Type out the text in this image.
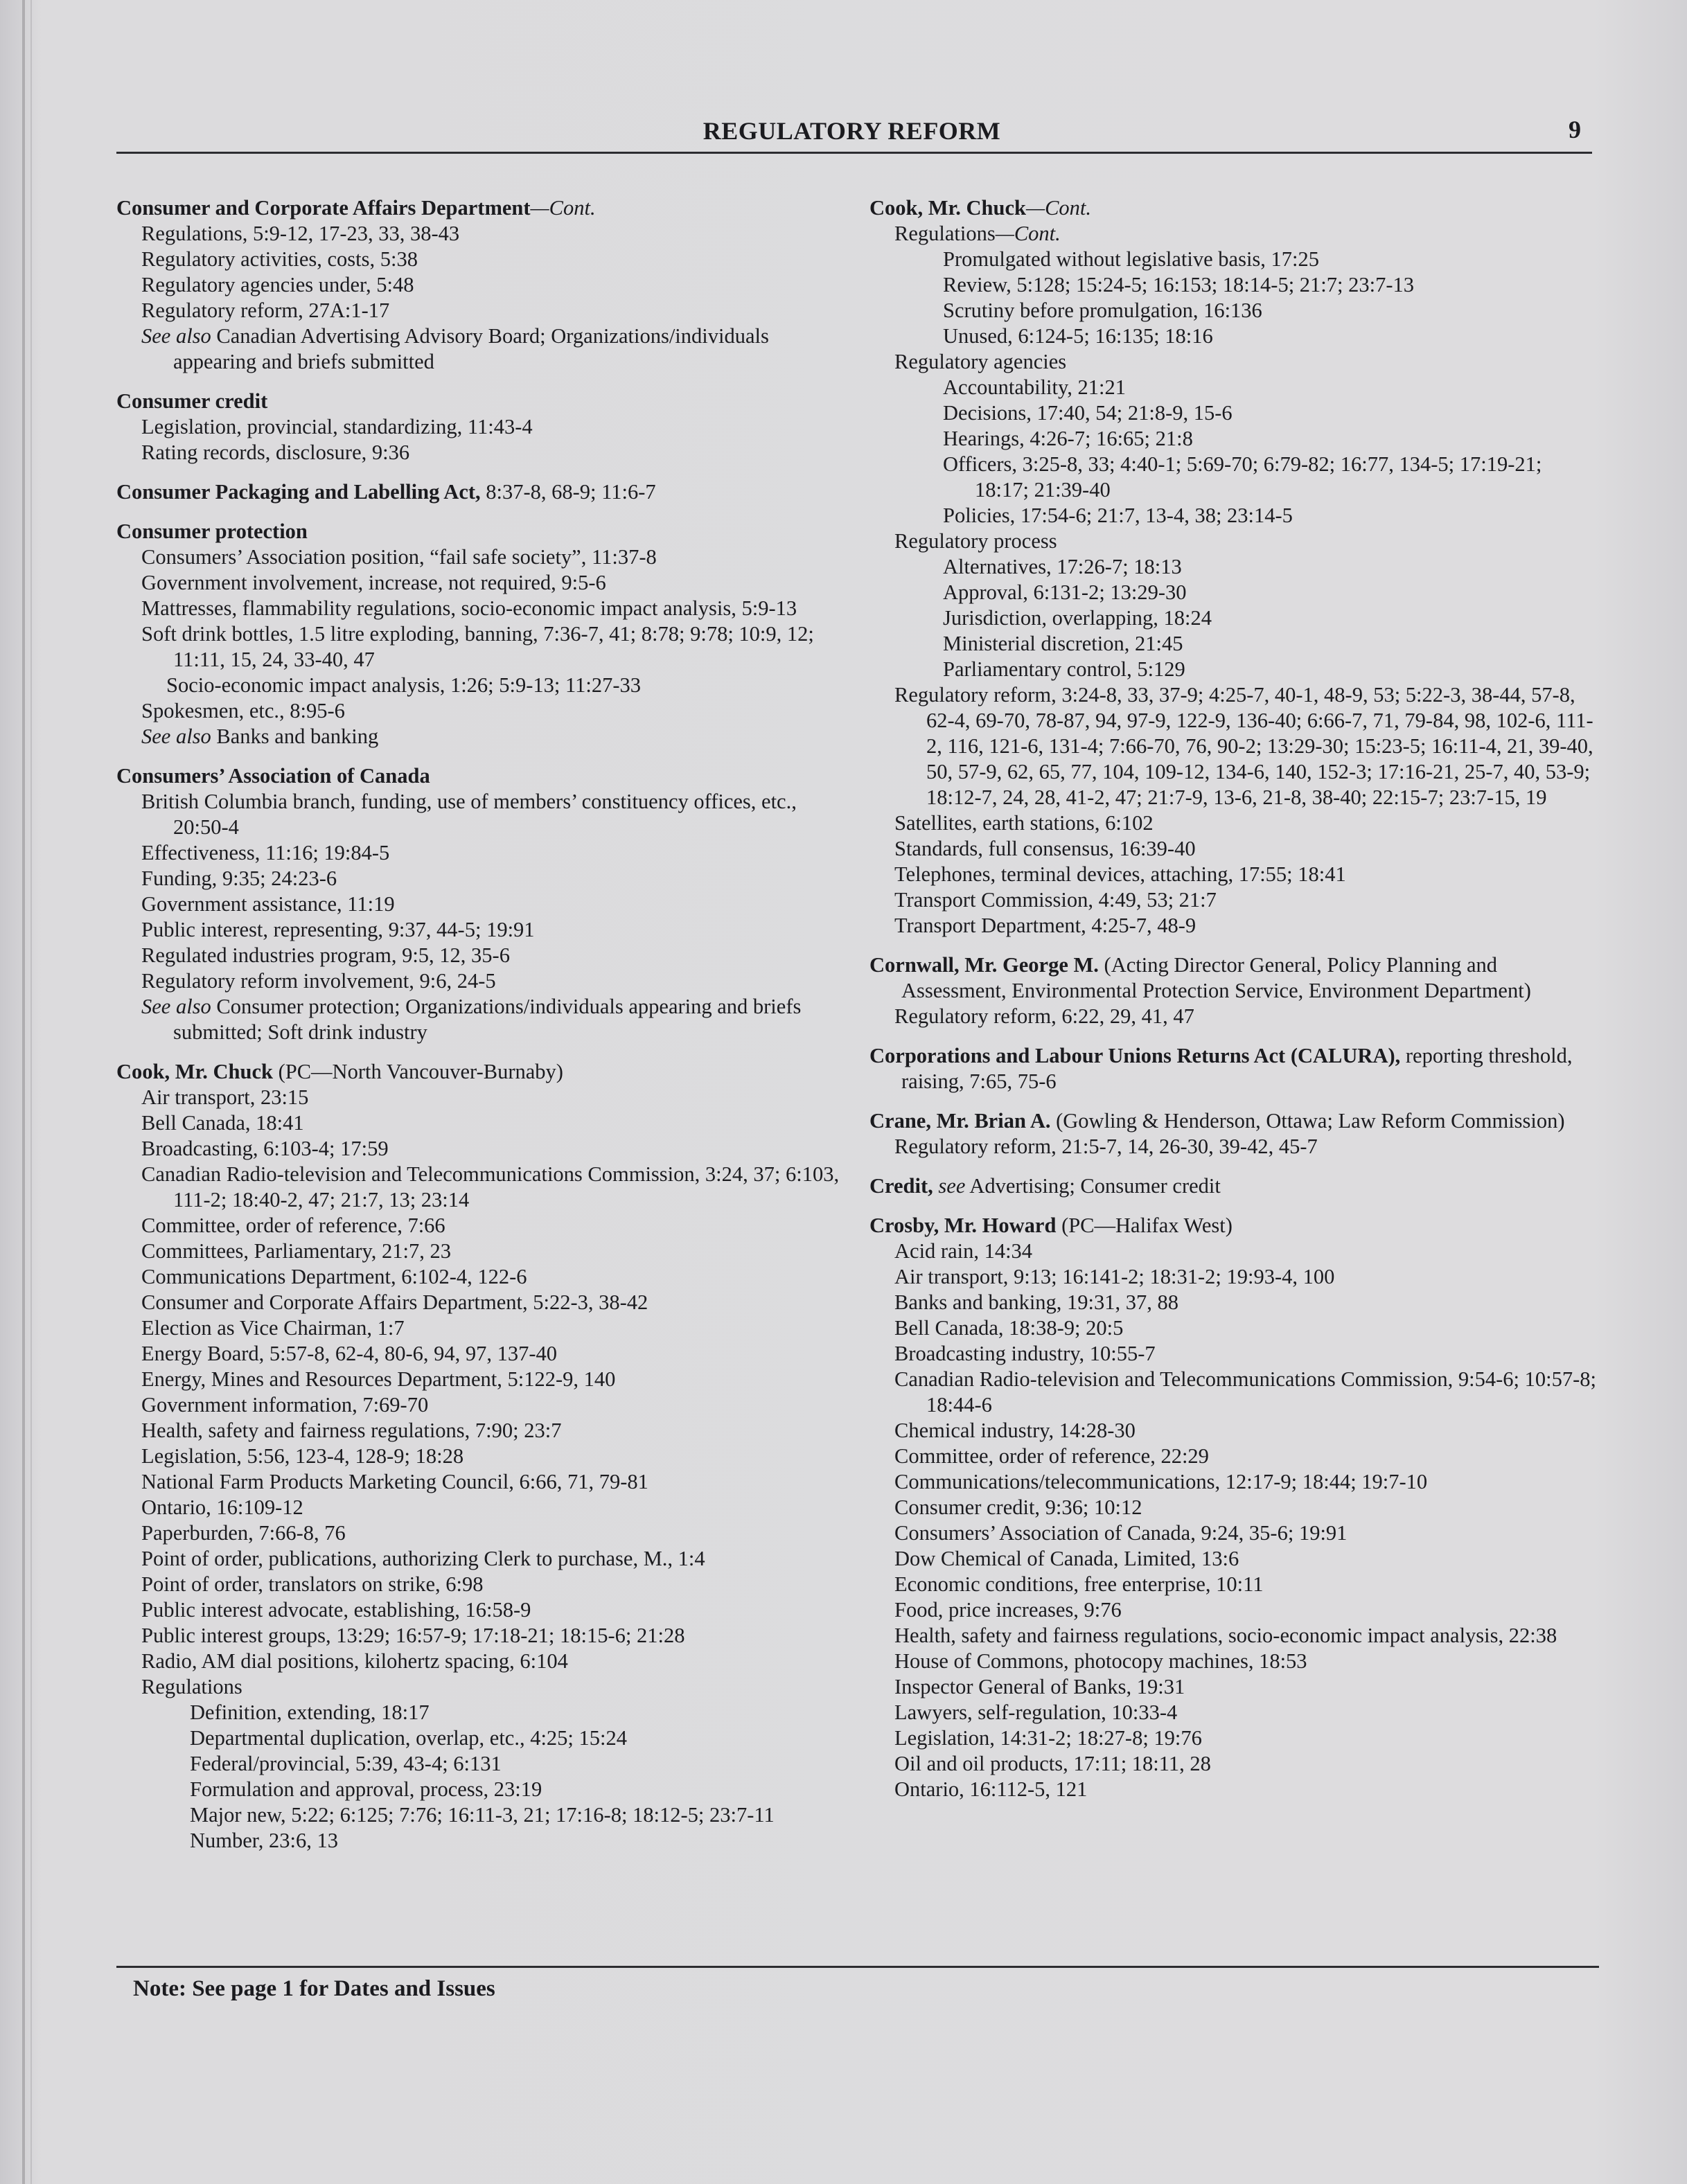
REGULATORY REFORM	9
Consumer and Corporate Affairs Department—Cont.
Regulations, 5:9-12, 17-23, 33, 38-43
Regulatory activities, costs, 5:38
Regulatory agencies under, 5:48
Regulatory reform, 27A:1-17
See also Canadian Advertising Advisory Board; Organizations/individuals appearing and briefs submitted
Consumer credit
Legislation, provincial, standardizing, 11:43-4
Rating records, disclosure, 9:36
Consumer Packaging and Labelling Act, 8:37-8, 68-9; 11:6-7
Consumer protection
Consumers’ Association position, “fail safe society”, 11:37-8
Government involvement, increase, not required, 9:5-6
Mattresses, flammability regulations, socio-economic impact analysis, 5:9-13
Soft drink bottles, 1.5 litre exploding, banning, 7:36-7, 41; 8:78; 9:78; 10:9, 12; 11:11, 15, 24, 33-40, 47
Socio-economic impact analysis, 1:26; 5:9-13; 11:27-33
Spokesmen, etc., 8:95-6
See also Banks and banking
Consumers’ Association of Canada
British Columbia branch, funding, use of members’ constituency offices, etc., 20:50-4
Effectiveness, 11:16; 19:84-5
Funding, 9:35; 24:23-6
Government assistance, 11:19
Public interest, representing, 9:37, 44-5; 19:91
Regulated industries program, 9:5, 12, 35-6
Regulatory reform involvement, 9:6, 24-5
See also Consumer protection; Organizations/individuals appearing and briefs submitted; Soft drink industry
Cook, Mr. Chuck (PC—North Vancouver-Burnaby)
Air transport, 23:15
Bell Canada, 18:41
Broadcasting, 6:103-4; 17:59
Canadian Radio-television and Telecommunications Commission, 3:24, 37; 6:103, 111-2; 18:40-2, 47; 21:7, 13; 23:14
Committee, order of reference, 7:66
Committees, Parliamentary, 21:7, 23
Communications Department, 6:102-4, 122-6
Consumer and Corporate Affairs Department, 5:22-3, 38-42
Election as Vice Chairman, 1:7
Energy Board, 5:57-8, 62-4, 80-6, 94, 97, 137-40
Energy, Mines and Resources Department, 5:122-9, 140
Government information, 7:69-70
Health, safety and fairness regulations, 7:90; 23:7
Legislation, 5:56, 123-4, 128-9; 18:28
National Farm Products Marketing Council, 6:66, 71, 79-81
Ontario, 16:109-12
Paperburden, 7:66-8, 76
Point of order, publications, authorizing Clerk to purchase, M., 1:4
Point of order, translators on strike, 6:98
Public interest advocate, establishing, 16:58-9
Public interest groups, 13:29; 16:57-9; 17:18-21; 18:15-6; 21:28
Radio, AM dial positions, kilohertz spacing, 6:104
Regulations
Definition, extending, 18:17
Departmental duplication, overlap, etc., 4:25; 15:24
Federal/provincial, 5:39, 43-4; 6:131
Formulation and approval, process, 23:19
Major new, 5:22; 6:125; 7:76; 16:11-3, 21; 17:16-8; 18:12-5; 23:7-11
Number, 23:6, 13
Cook, Mr. Chuck—Cont.
Regulations—Cont.
Promulgated without legislative basis, 17:25
Review, 5:128; 15:24-5; 16:153; 18:14-5; 21:7; 23:7-13
Scrutiny before promulgation, 16:136
Unused, 6:124-5; 16:135; 18:16
Regulatory agencies
Accountability, 21:21
Decisions, 17:40, 54; 21:8-9, 15-6
Hearings, 4:26-7; 16:65; 21:8
Officers, 3:25-8, 33; 4:40-1; 5:69-70; 6:79-82; 16:77, 134-5; 17:19-21; 18:17; 21:39-40
Policies, 17:54-6; 21:7, 13-4, 38; 23:14-5
Regulatory process
Alternatives, 17:26-7; 18:13
Approval, 6:131-2; 13:29-30
Jurisdiction, overlapping, 18:24
Ministerial discretion, 21:45
Parliamentary control, 5:129
Regulatory reform, 3:24-8, 33, 37-9; 4:25-7, 40-1, 48-9, 53; 5:22-3, 38-44, 57-8, 62-4, 69-70, 78-87, 94, 97-9, 122-9, 136-40; 6:66-7, 71, 79-84, 98, 102-6, 111-2, 116, 121-6, 131-4; 7:66-70, 76, 90-2; 13:29-30; 15:23-5; 16:11-4, 21, 39-40, 50, 57-9, 62, 65, 77, 104, 109-12, 134-6, 140, 152-3; 17:16-21, 25-7, 40, 53-9; 18:12-7, 24, 28, 41-2, 47; 21:7-9, 13-6, 21-8, 38-40; 22:15-7; 23:7-15, 19
Satellites, earth stations, 6:102
Standards, full consensus, 16:39-40
Telephones, terminal devices, attaching, 17:55; 18:41
Transport Commission, 4:49, 53; 21:7
Transport Department, 4:25-7, 48-9
Cornwall, Mr. George M. (Acting Director General, Policy Planning and Assessment, Environmental Protection Service, Environment Department)
Regulatory reform, 6:22, 29, 41, 47
Corporations and Labour Unions Returns Act (CALURA), reporting threshold, raising, 7:65, 75-6
Crane, Mr. Brian A. (Gowling & Henderson, Ottawa; Law Reform Commission)
Regulatory reform, 21:5-7, 14, 26-30, 39-42, 45-7
Credit, see Advertising; Consumer credit
Crosby, Mr. Howard (PC—Halifax West)
Acid rain, 14:34
Air transport, 9:13; 16:141-2; 18:31-2; 19:93-4, 100
Banks and banking, 19:31, 37, 88
Bell Canada, 18:38-9; 20:5
Broadcasting industry, 10:55-7
Canadian Radio-television and Telecommunications Commission, 9:54-6; 10:57-8; 18:44-6
Chemical industry, 14:28-30
Committee, order of reference, 22:29
Communications/telecommunications, 12:17-9; 18:44; 19:7-10
Consumer credit, 9:36; 10:12
Consumers’ Association of Canada, 9:24, 35-6; 19:91
Dow Chemical of Canada, Limited, 13:6
Economic conditions, free enterprise, 10:11
Food, price increases, 9:76
Health, safety and fairness regulations, socio-economic impact analysis, 22:38
House of Commons, photocopy machines, 18:53
Inspector General of Banks, 19:31
Lawyers, self-regulation, 10:33-4
Legislation, 14:31-2; 18:27-8; 19:76
Oil and oil products, 17:11; 18:11, 28
Ontario, 16:112-5, 121
Note: See page 1 for Dates and Issues
